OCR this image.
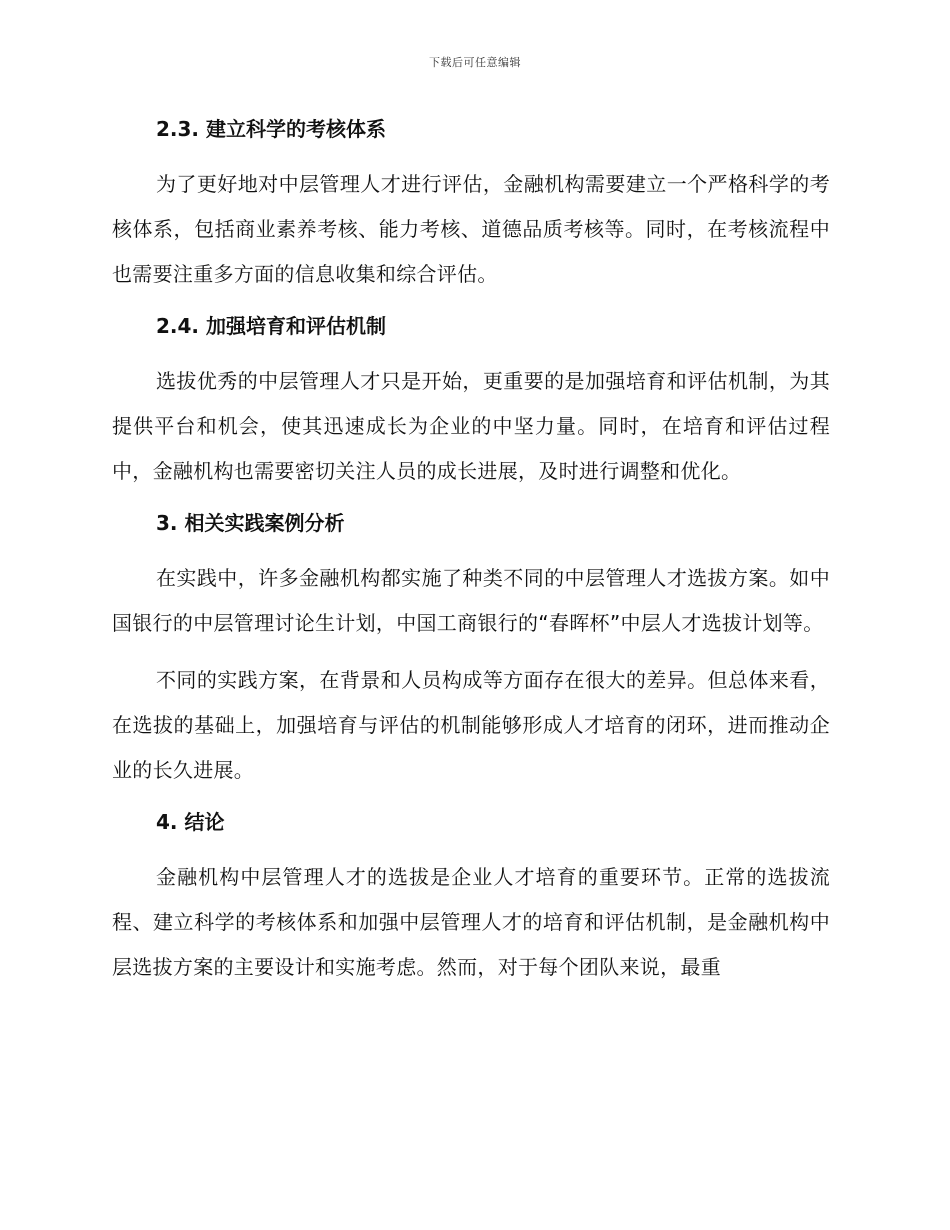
下载后可任意编辑
2.3. 建立科学的考核体系

为了更好地对中层管理人才进行评估，金融机构需要建立一个严格科学的考核体系，包括商业素养考核、能力考核、道德品质考核等。同时，在考核流程中也需要注重多方面的信息收集和综合评估。

2.4. 加强培育和评估机制

选拔优秀的中层管理人才只是开始，更重要的是加强培育和评估机制，为其提供平台和机会，使其迅速成长为企业的中坚力量。同时，在培育和评估过程中，金融机构也需要密切关注人员的成长进展，及时进行调整和优化。

3. 相关实践案例分析

在实践中，许多金融机构都实施了种类不同的中层管理人才选拔方案。如中国银行的中层管理讨论生计划，中国工商银行的“春晖杯”中层人才选拔计划等。

不同的实践方案，在背景和人员构成等方面存在很大的差异。但总体来看，在选拔的基础上，加强培育与评估的机制能够形成人才培育的闭环，进而推动企业的长久进展。

4. 结论

金融机构中层管理人才的选拔是企业人才培育的重要环节。正常的选拔流程、建立科学的考核体系和加强中层管理人才的培育和评估机制，是金融机构中层选拔方案的主要设计和实施考虑。然而，对于每个团队来说，最重
